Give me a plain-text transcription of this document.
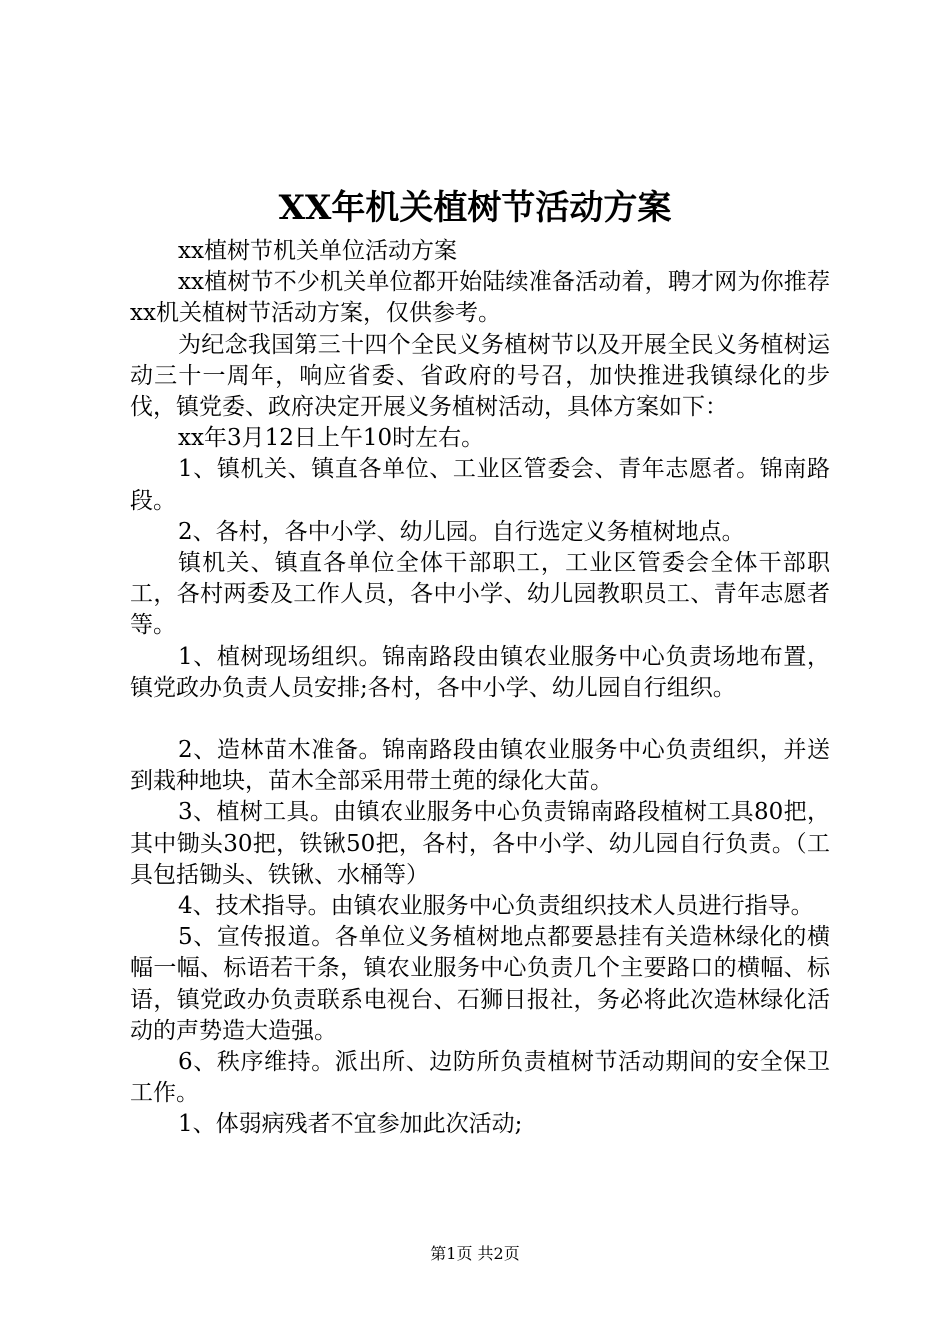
XX年机关植树节活动方案

xx植树节机关单位活动方案

xx植树节不少机关单位都开始陆续准备活动着，聘才网为你推荐xx机关植树节活动方案，仅供参考。

为纪念我国第三十四个全民义务植树节以及开展全民义务植树运动三十一周年，响应省委、省政府的号召，加快推进我镇绿化的步伐，镇党委、政府决定开展义务植树活动，具体方案如下：

xx年3月12日上午10时左右。

1、镇机关、镇直各单位、工业区管委会、青年志愿者。锦南路段。

2、各村，各中小学、幼儿园。自行选定义务植树地点。

镇机关、镇直各单位全体干部职工，工业区管委会全体干部职工，各村两委及工作人员，各中小学、幼儿园教职员工、青年志愿者等。

1、植树现场组织。锦南路段由镇农业服务中心负责场地布置，镇党政办负责人员安排;各村，各中小学、幼儿园自行组织。

2、造林苗木准备。锦南路段由镇农业服务中心负责组织，并送到栽种地块，苗木全部采用带土蔸的绿化大苗。

3、植树工具。由镇农业服务中心负责锦南路段植树工具80把，其中锄头30把，铁锹50把，各村，各中小学、幼儿园自行负责。（工具包括锄头、铁锹、水桶等）

4、技术指导。由镇农业服务中心负责组织技术人员进行指导。

5、宣传报道。各单位义务植树地点都要悬挂有关造林绿化的横幅一幅、标语若干条，镇农业服务中心负责几个主要路口的横幅、标语，镇党政办负责联系电视台、石狮日报社，务必将此次造林绿化活动的声势造大造强。

6、秩序维持。派出所、边防所负责植树节活动期间的安全保卫工作。

1、体弱病残者不宜参加此次活动;

第1页 共2页
